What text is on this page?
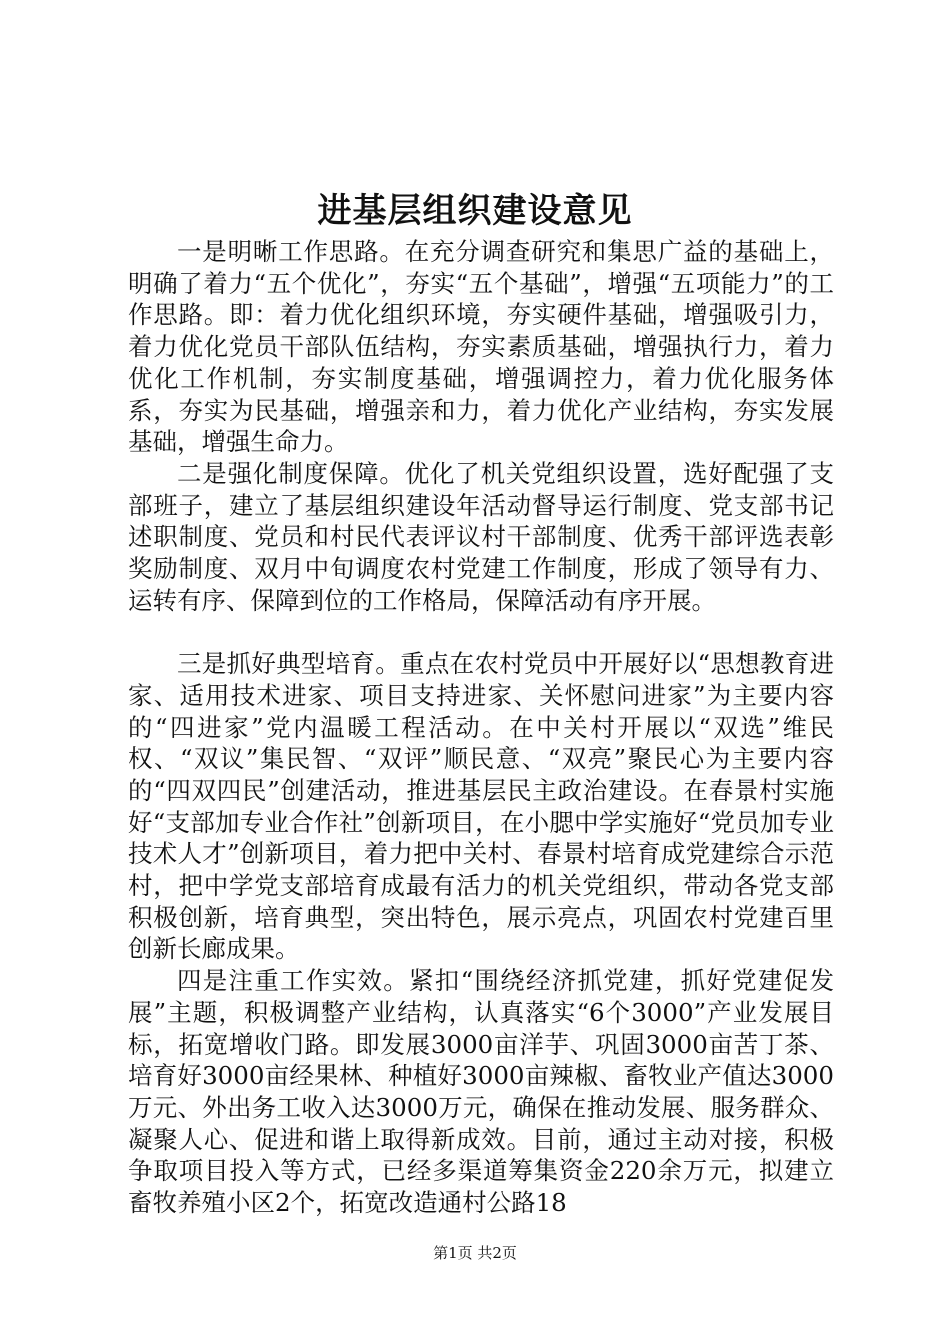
进基层组织建设意见

一是明晰工作思路。在充分调查研究和集思广益的基础上，明确了着力“五个优化”，夯实“五个基础”，增强“五项能力”的工作思路。即：着力优化组织环境，夯实硬件基础，增强吸引力，着力优化党员干部队伍结构，夯实素质基础，增强执行力，着力优化工作机制，夯实制度基础，增强调控力，着力优化服务体系，夯实为民基础，增强亲和力，着力优化产业结构，夯实发展基础，增强生命力。

二是强化制度保障。优化了机关党组织设置，选好配强了支部班子，建立了基层组织建设年活动督导运行制度、党支部书记述职制度、党员和村民代表评议村干部制度、优秀干部评选表彰奖励制度、双月中旬调度农村党建工作制度，形成了领导有力、运转有序、保障到位的工作格局，保障活动有序开展。

三是抓好典型培育。重点在农村党员中开展好以“思想教育进家、适用技术进家、项目支持进家、关怀慰问进家”为主要内容的“四进家”党内温暖工程活动。在中关村开展以“双选”维民权、“双议”集民智、“双评”顺民意、“双亮”聚民心为主要内容的“四双四民”创建活动，推进基层民主政治建设。在春景村实施好“支部加专业合作社”创新项目，在小腮中学实施好“党员加专业技术人才”创新项目，着力把中关村、春景村培育成党建综合示范村，把中学党支部培育成最有活力的机关党组织，带动各党支部积极创新，培育典型，突出特色，展示亮点，巩固农村党建百里创新长廊成果。

四是注重工作实效。紧扣“围绕经济抓党建，抓好党建促发展”主题，积极调整产业结构，认真落实“6个3000”产业发展目标，拓宽增收门路。即发展3000亩洋芋、巩固3000亩苦丁茶、培育好3000亩经果林、种植好3000亩辣椒、畜牧业产值达3000万元、外出务工收入达3000万元，确保在推动发展、服务群众、凝聚人心、促进和谐上取得新成效。目前，通过主动对接，积极争取项目投入等方式，已经多渠道筹集资金220余万元，拟建立畜牧养殖小区2个，拓宽改造通村公路18

第1页 共2页
